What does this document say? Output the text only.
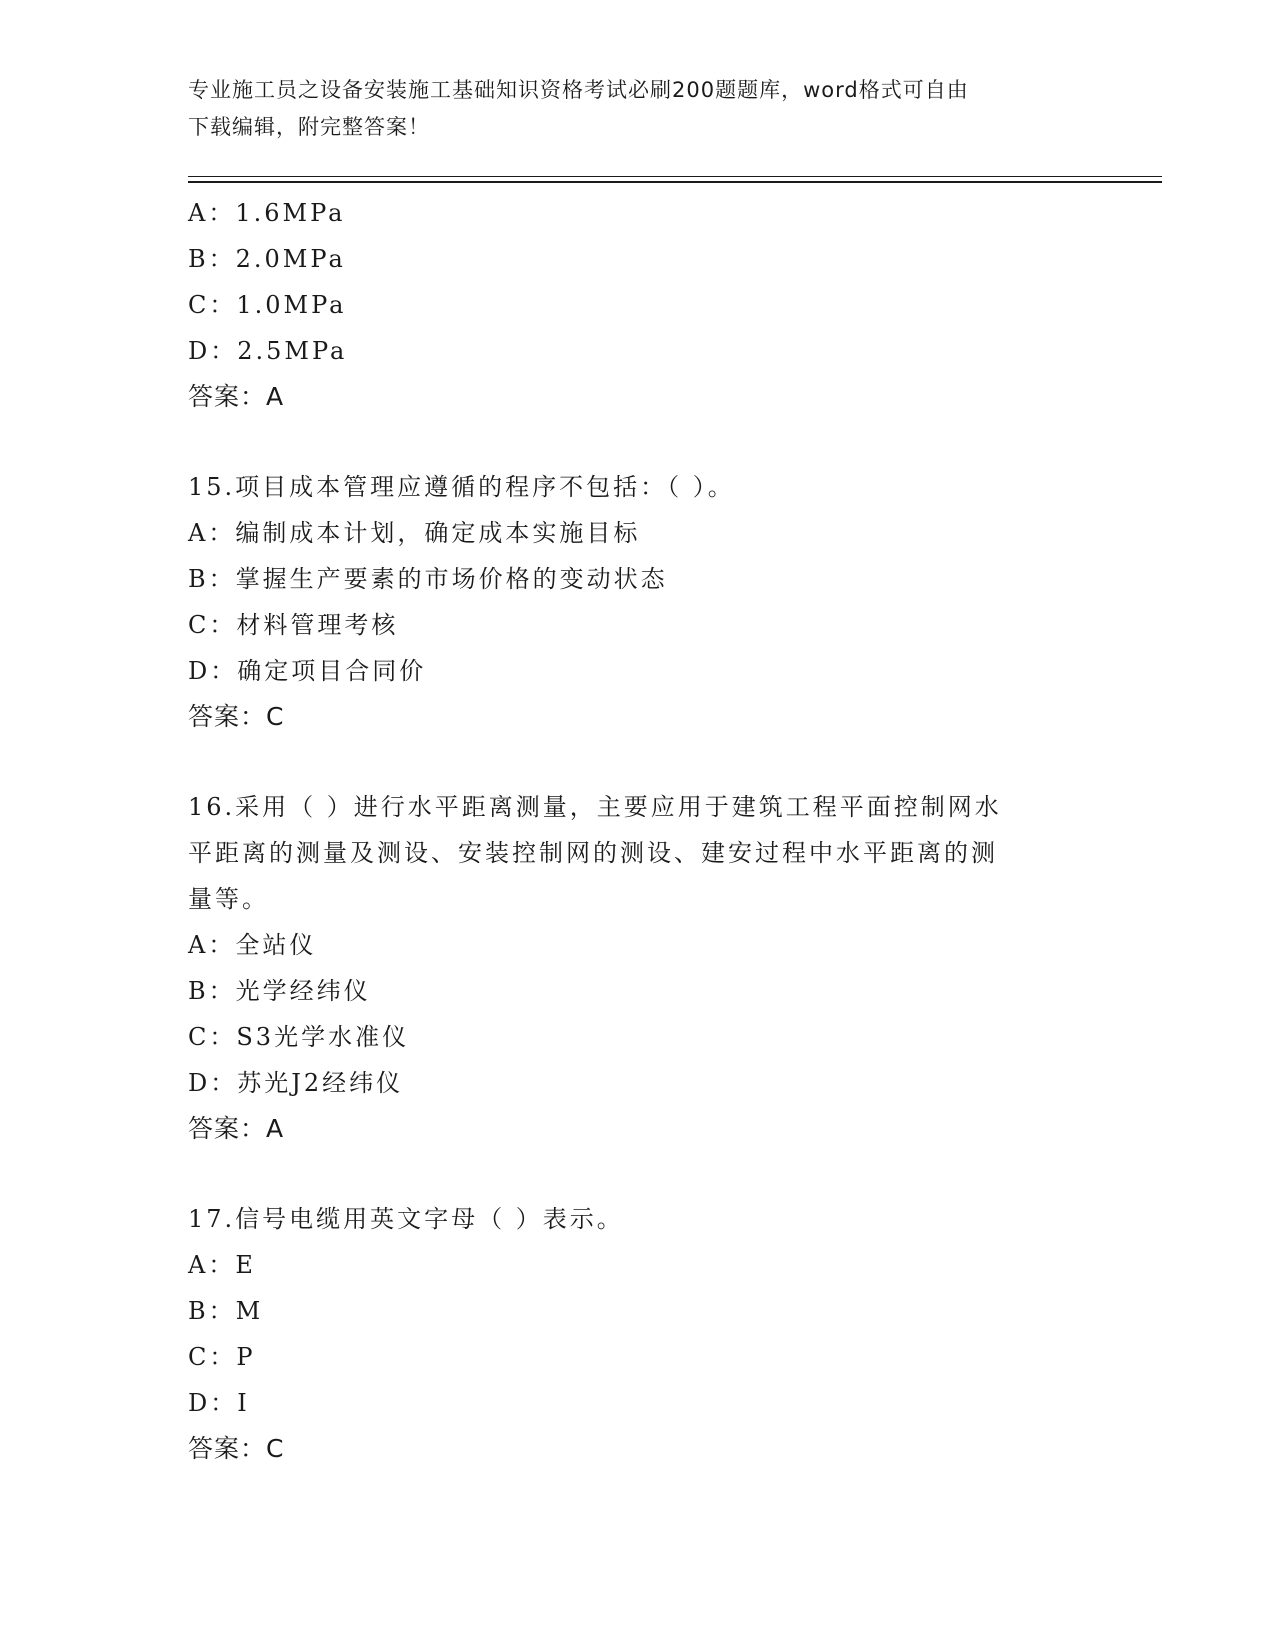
专业施工员之设备安装施工基础知识资格考试必刷200题题库，word格式可自由
下载编辑，附完整答案！
A：1.6MPa
B：2.0MPa
C：1.0MPa
D：2.5MPa
答案：A
15.项目成本管理应遵循的程序不包括：（ ）。
A：编制成本计划，确定成本实施目标
B：掌握生产要素的市场价格的变动状态
C：材料管理考核
D：确定项目合同价
答案：C
16.采用（ ）进行水平距离测量，主要应用于建筑工程平面控制网水
平距离的测量及测设、安装控制网的测设、建安过程中水平距离的测
量等。
A：全站仪
B：光学经纬仪
C：S3光学水准仪
D：苏光J2经纬仪
答案：A
17.信号电缆用英文字母（ ）表示。
A：E
B：M
C：P
D：I
答案：C
